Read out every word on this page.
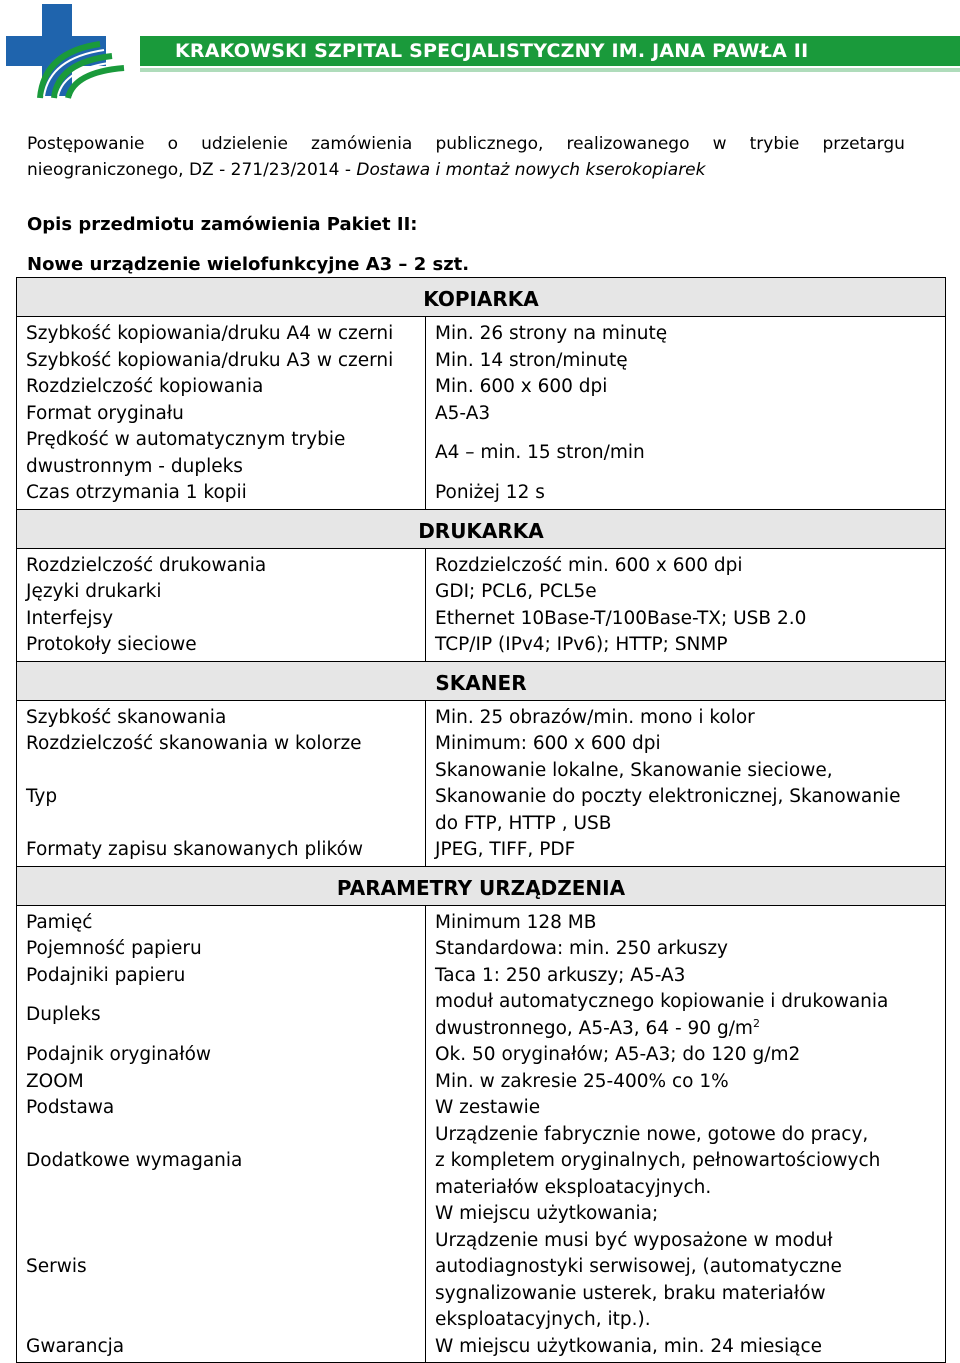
KRAKOWSKI SZPITAL SPECJALISTYCZNY IM. JANA PAWŁA II
Postępowanie o udzielenie zamówienia publicznego, realizowanego w trybie przetargu
nieograniczonego, DZ - 271/23/2014 - Dostawa i montaż nowych kserokopiarek
Opis przedmiotu zamówienia Pakiet II:
Nowe urządzenie wielofunkcyjne A3 – 2 szt.
KOPIARKA	

Szybkość kopiowania/druku A4 w czerni	Min. 26 strony na minutę

Szybkość kopiowania/druku A3 w czerni	Min. 14 stron/minutę

Rozdzielczość kopiowania	Min. 600 x 600 dpi

Format oryginału	A5-A3

Prędkość w automatycznym trybie
dwustronnym - dupleks	A4 – min. 15 stron/min

Czas otrzymania 1 kopii	Poniżej 12 s

DRUKARKA	

Rozdzielczość drukowania	Rozdzielczość min. 600 x 600 dpi

Języki drukarki	GDI; PCL6, PCL5e

Interfejsy	Ethernet 10Base-T/100Base-TX; USB 2.0

Protokoły sieciowe	TCP/IP (IPv4; IPv6); HTTP; SNMP

SKANER	

Szybkość skanowania	Min. 25 obrazów/min. mono i kolor

Rozdzielczość skanowania w kolorze	Minimum: 600 x 600 dpi

Typ	Skanowanie lokalne, Skanowanie sieciowe,
Skanowanie do poczty elektronicznej, Skanowanie
do FTP, HTTP , USB

Formaty zapisu skanowanych plików	JPEG, TIFF, PDF

PARAMETRY URZĄDZENIA	

Pamięć	Minimum 128 MB

Pojemność papieru	Standardowa: min. 250 arkuszy

Podajniki papieru	Taca 1: 250 arkuszy; A5-A3

Dupleks	moduł automatycznego kopiowanie i drukowania
dwustronnego, A5-A3, 64 - 90 $g/m^2$

Podajnik oryginałów	Ok. 50 oryginałów; A5-A3; do 120 g/m2

ZOOM	Min. w zakresie 25-400% co 1%

Podstawa	W zestawie

Dodatkowe wymagania	Urządzenie fabrycznie nowe, gotowe do pracy,
z kompletem oryginalnych, pełnowartościowych
materiałów eksploatacyjnych.

Serwis	W miejscu użytkowania;
Urządzenie musi być wyposażone w moduł
autodiagnostyki serwisowej, (automatyczne
sygnalizowanie usterek, braku materiałów
eksploatacyjnych, itp.).

Gwarancja	W miejscu użytkowania, min. 24 miesiące
